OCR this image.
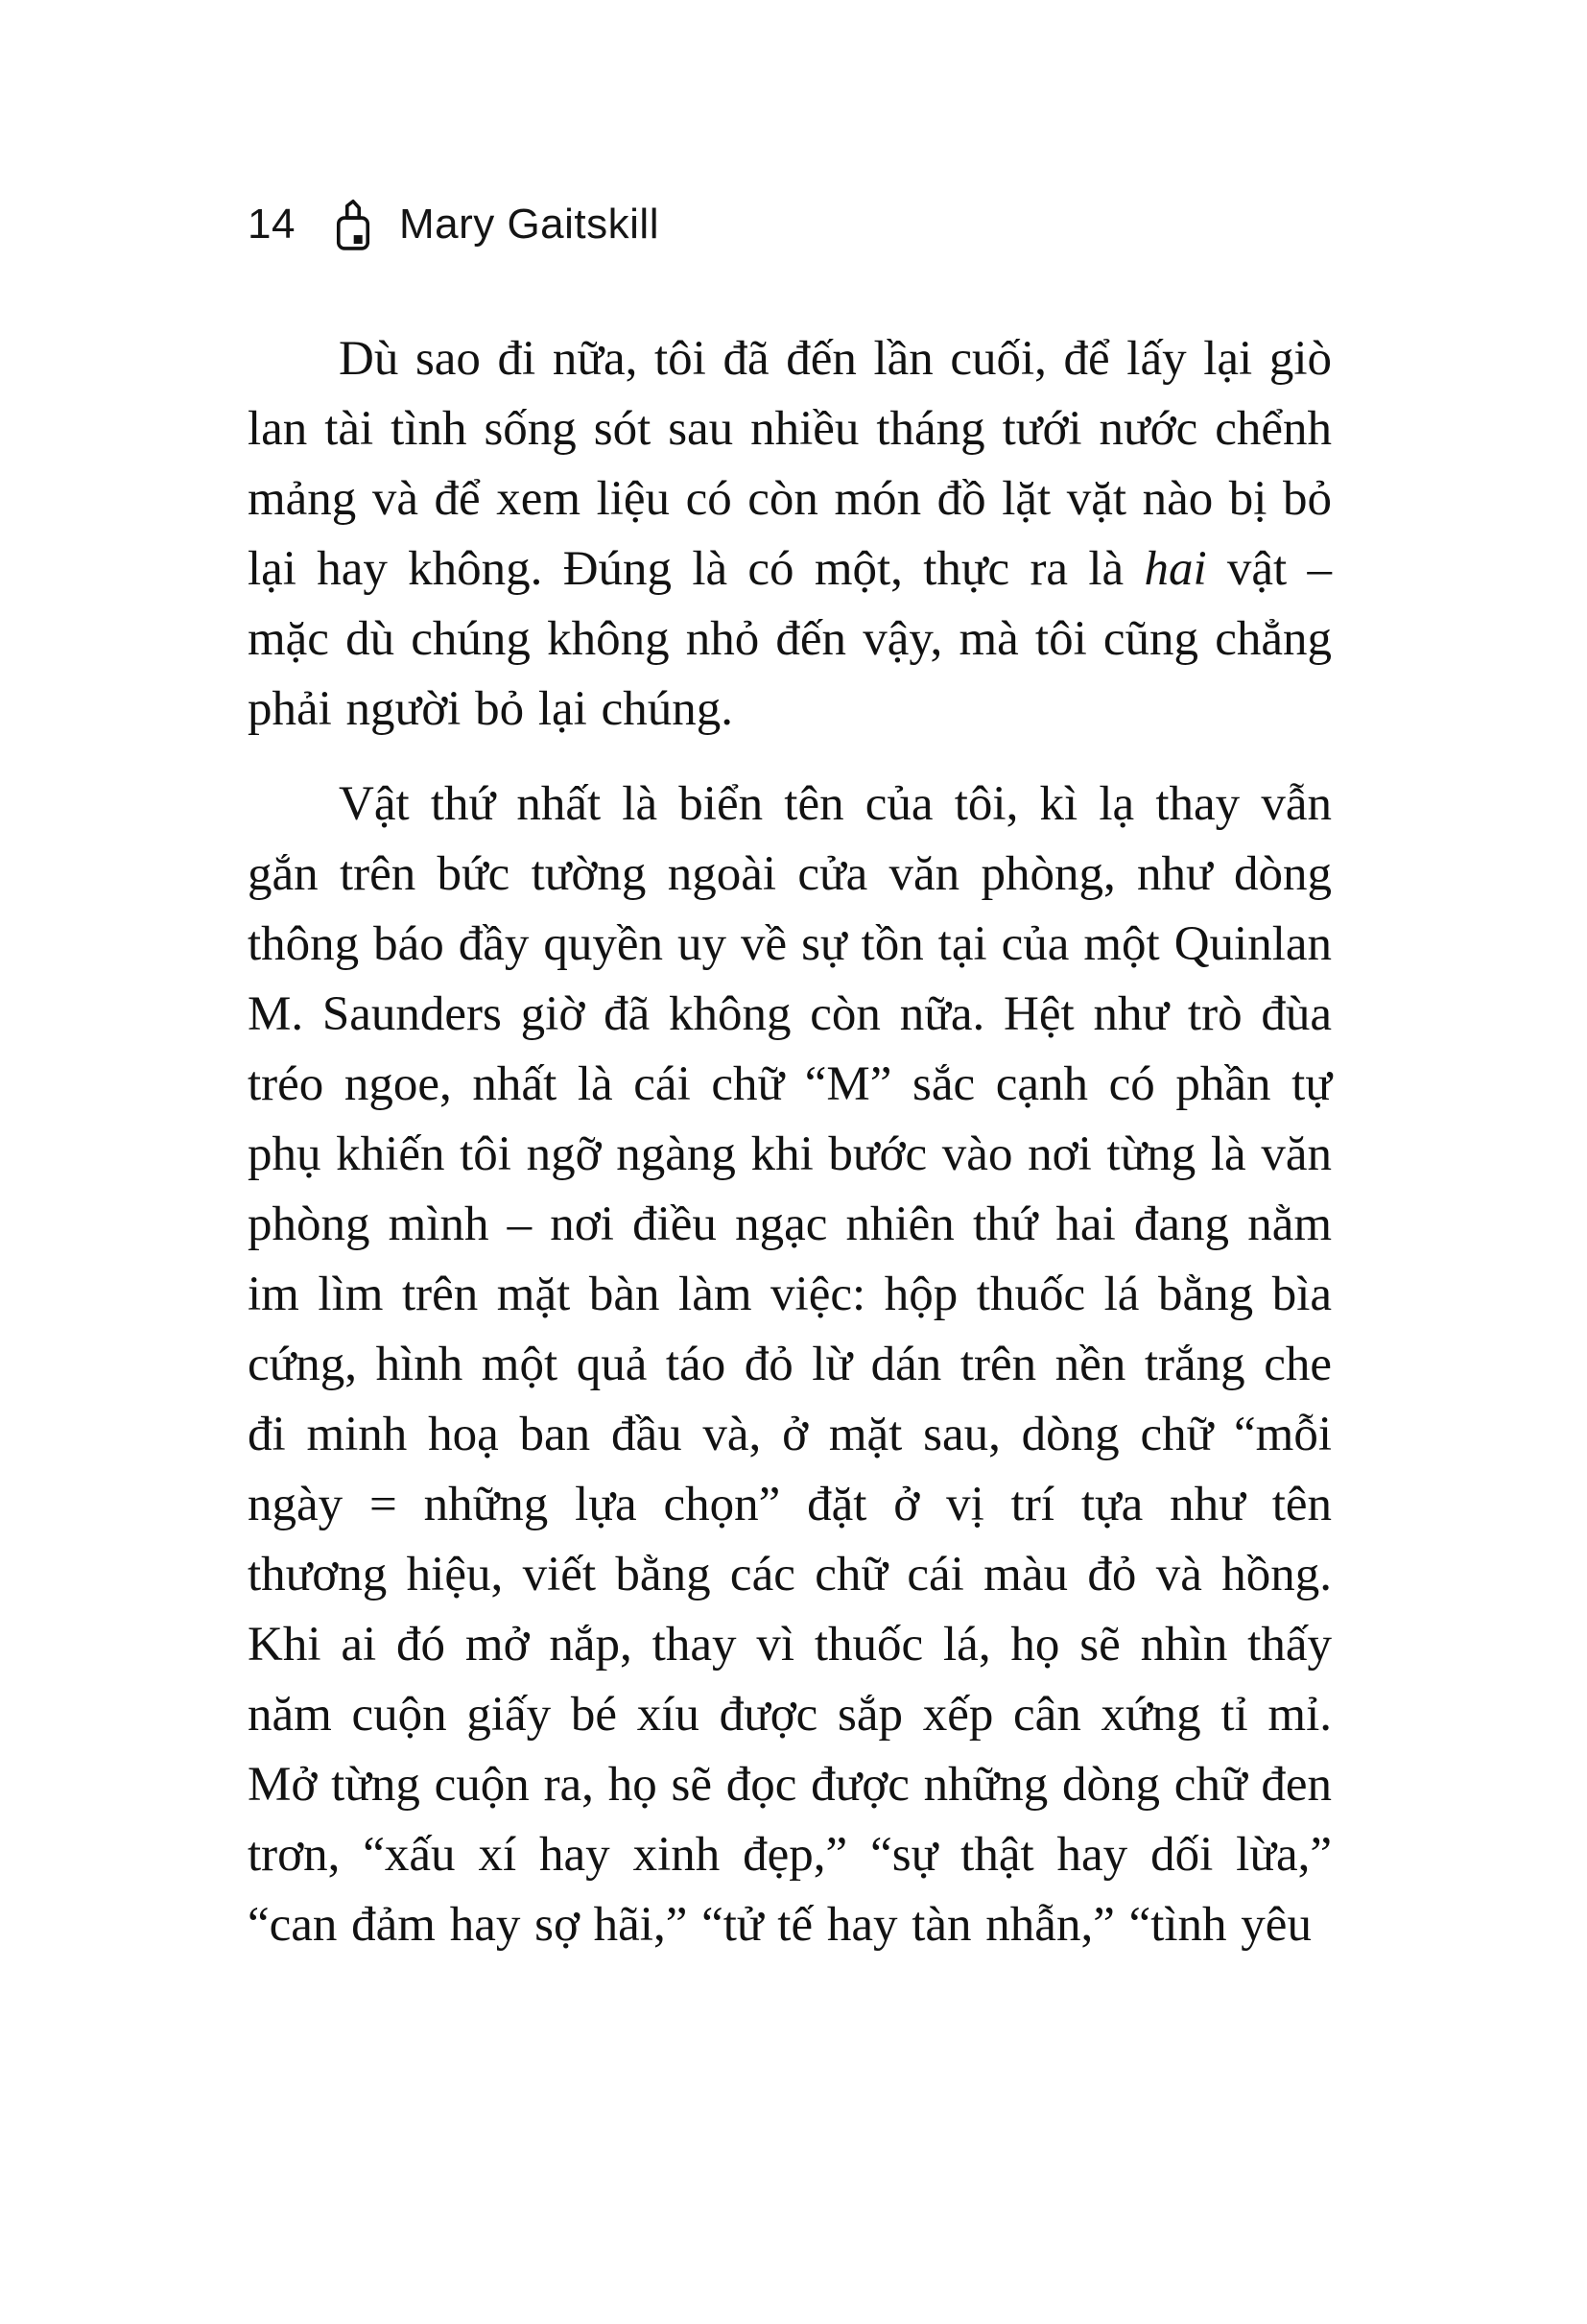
14 Mary Gaitskill

Dù sao đi nữa, tôi đã đến lần cuối, để lấy lại giò lan tài tình sống sót sau nhiều tháng tưới nước chểnh mảng và để xem liệu có còn món đồ lặt vặt nào bị bỏ lại hay không. Đúng là có một, thực ra là hai vật – mặc dù chúng không nhỏ đến vậy, mà tôi cũng chẳng phải người bỏ lại chúng.

Vật thứ nhất là biển tên của tôi, kì lạ thay vẫn gắn trên bức tường ngoài cửa văn phòng, như dòng thông báo đầy quyền uy về sự tồn tại của một Quinlan M. Saunders giờ đã không còn nữa. Hệt như trò đùa tréo ngoe, nhất là cái chữ “M” sắc cạnh có phần tự phụ khiến tôi ngỡ ngàng khi bước vào nơi từng là văn phòng mình – nơi điều ngạc nhiên thứ hai đang nằm im lìm trên mặt bàn làm việc: hộp thuốc lá bằng bìa cứng, hình một quả táo đỏ lừ dán trên nền trắng che đi minh hoạ ban đầu và, ở mặt sau, dòng chữ “mỗi ngày = những lựa chọn” đặt ở vị trí tựa như tên thương hiệu, viết bằng các chữ cái màu đỏ và hồng. Khi ai đó mở nắp, thay vì thuốc lá, họ sẽ nhìn thấy năm cuộn giấy bé xíu được sắp xếp cân xứng tỉ mỉ. Mở từng cuộn ra, họ sẽ đọc được những dòng chữ đen trơn, “xấu xí hay xinh đẹp,” “sự thật hay dối lừa,” “can đảm hay sợ hãi,” “tử tế hay tàn nhẫn,” “tình yêu
